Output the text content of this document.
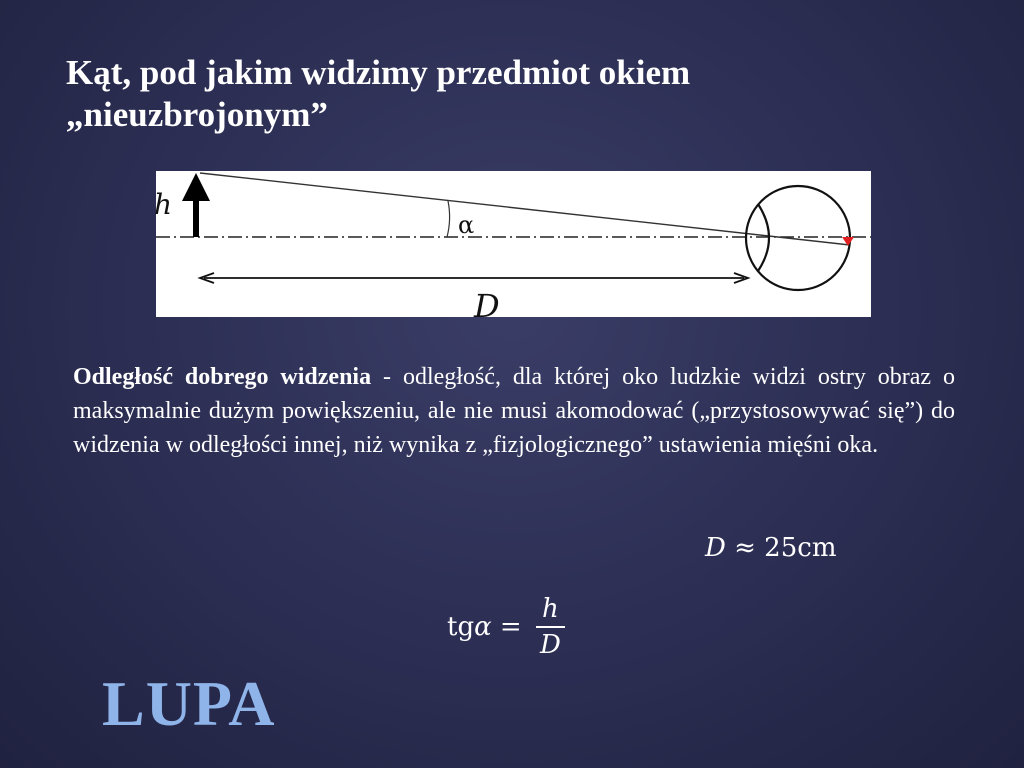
Kąt, pod jakim widzimy przedmiot okiem
„nieuzbrojonym”
h
α
D

Odległość dobrego widzenia - odległość, dla której oko ludzkie widzi ostry obraz o maksymalnie dużym powiększeniu, ale nie musi akomodować („przystosowywać się”) do widzenia w odległości innej, niż wynika z „fizjologicznego” ustawienia mięśni oka.

D ≈ 25cm
tg $\alpha = \frac{h}{D}$
LUPA
